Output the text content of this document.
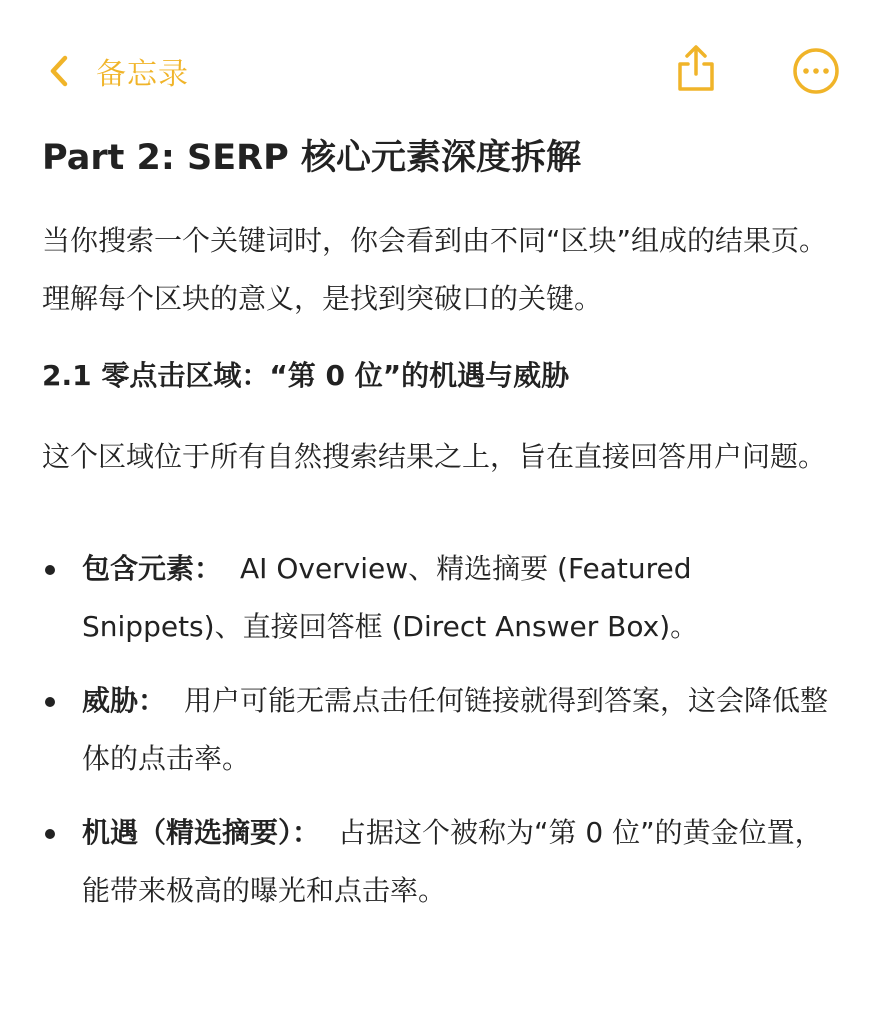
备忘录
Part 2: SERP 核心元素深度拆解

当你搜索一个关键词时，你会看到由不同“区块”组成的结果页。理解每个区块的意义，是找到突破口的关键。

2.1 零点击区域：“第 0 位”的机遇与威胁

这个区域位于所有自然搜索结果之上，旨在直接回答用户问题。

包含元素： AI Overview、精选摘要 (Featured Snippets)、直接回答框 (Direct Answer Box)。
威胁： 用户可能无需点击任何链接就得到答案，这会降低整体的点击率。
机遇（精选摘要）： 占据这个被称为“第 0 位”的黄金位置，能带来极高的曝光和点击率。
